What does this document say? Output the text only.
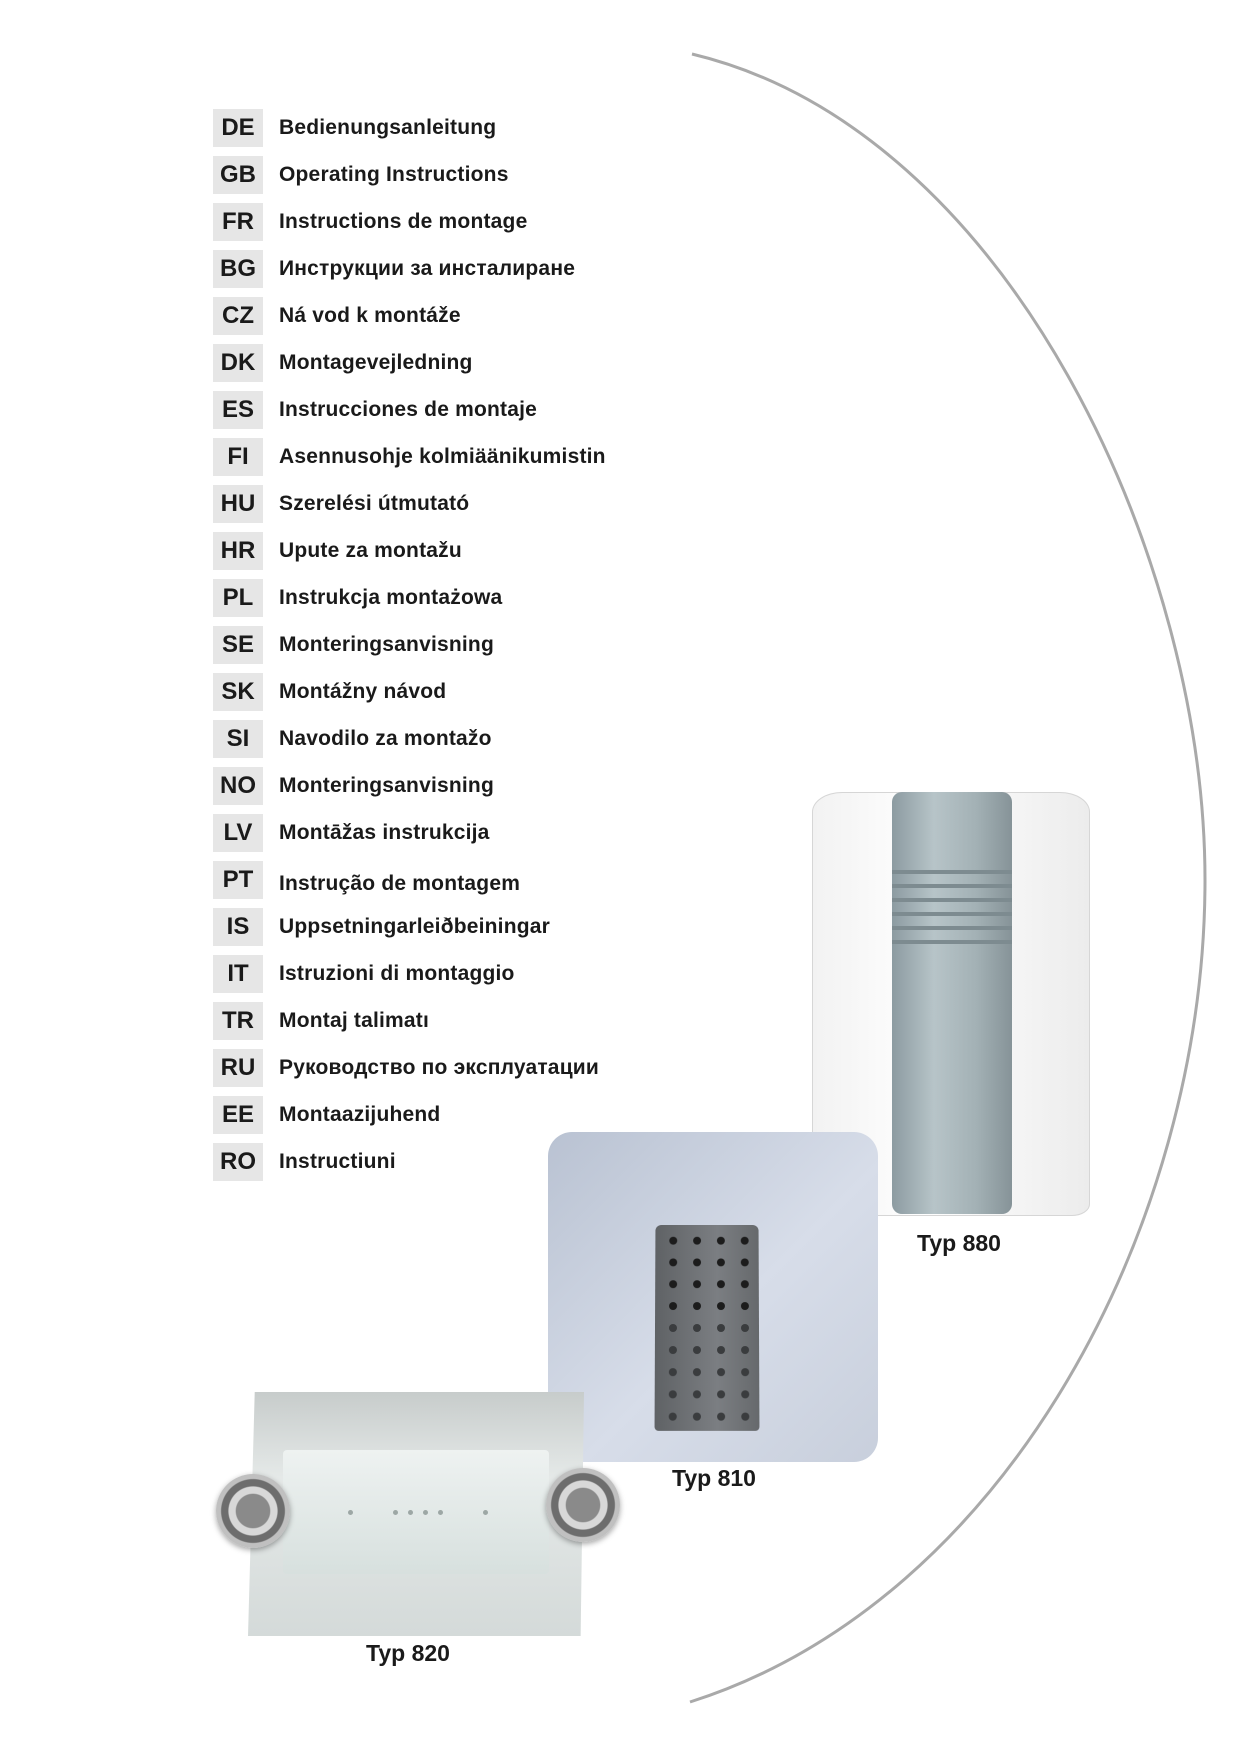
DE	Bedienungsanleitung
GB	Operating Instructions
FR	Instructions de montage
BG	Инструкции за инсталиране
CZ	Ná vod k montáže
DK	Montagevejledning
ES	Instrucciones de montaje
FI	Asennusohje kolmiäänikumistin
HU	Szerelési útmutató
HR	Upute za montažu
PL	Instrukcja montażowa
SE	Monteringsanvisning
SK	Montážny návod
SI	Navodilo za montažo
NO	Monteringsanvisning
LV	Montāžas instrukcija
PT	Instrução de montagem
IS	Uppsetningarleiðbeiningar
IT	Istruzioni di montaggio
TR	Montaj talimatı
RU	Руководство по эксплуатации
EE	Montaazijuhend
RO	Instructiuni
Typ 880
Typ 810
Typ 820
